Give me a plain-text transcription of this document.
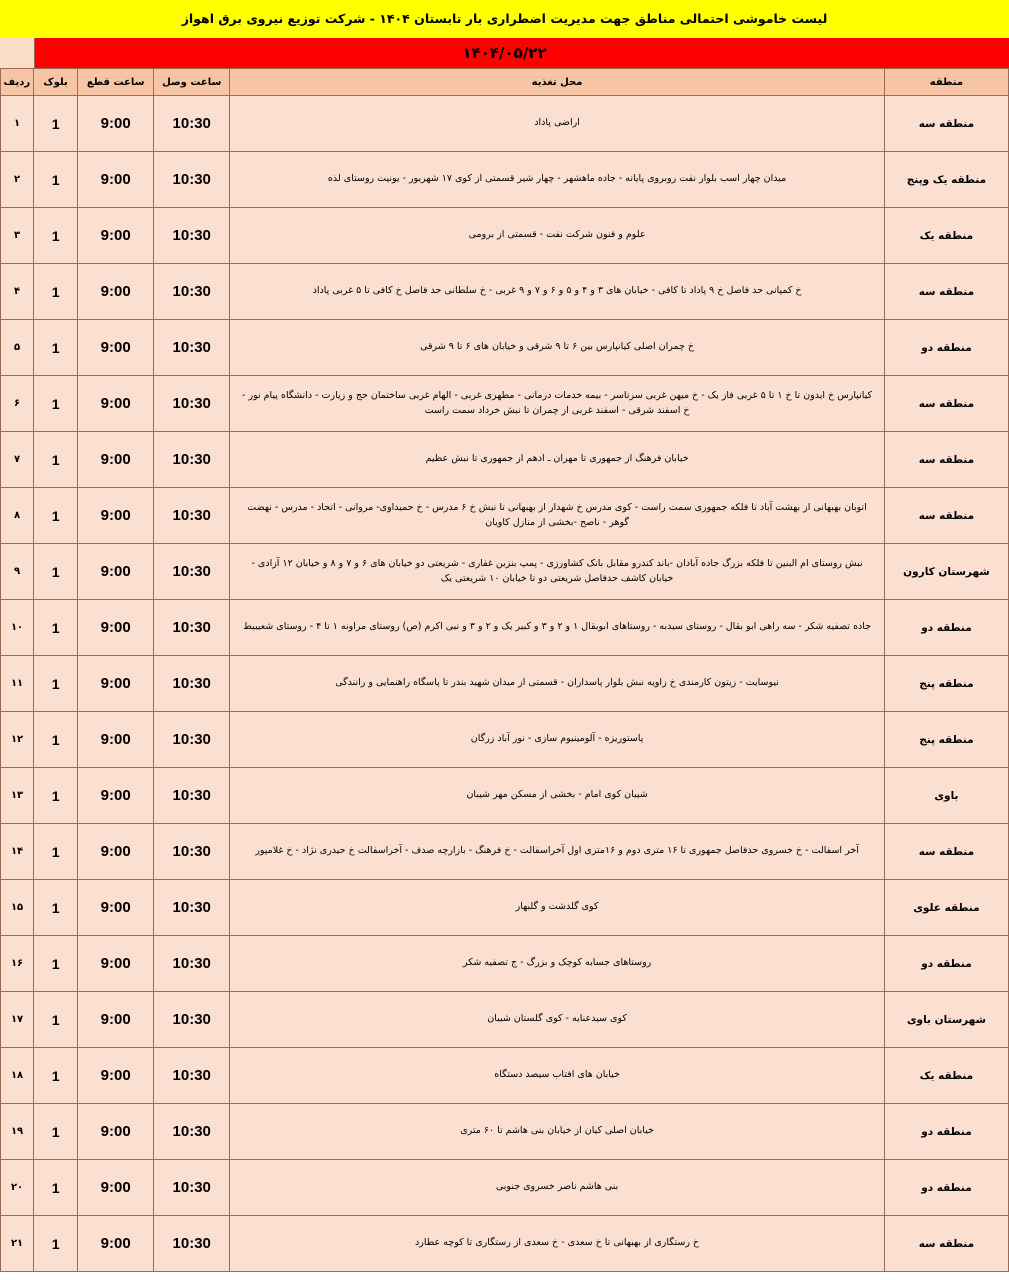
لیست خاموشی احتمالی مناطق جهت مدیریت اضطراری بار تابستان ۱۴۰۴ - شرکت توزیع نیروی برق اهواز
۱۴۰۴/۰۵/۲۲
منطقه	محل تغذیه	ساعت وصل	ساعت قطع	بلوک	ردیف
منطقه سه	اراضی پاداد	10:30	9:00	1	۱
منطقه یک وپنج	میدان چهار اسب بلوار نفت روبروی پایانه - جاده ماهشهر - چهار شیر قسمتی از کوی ۱۷ شهریور - یونیت روستای لذه	10:30	9:00	1	۲
منطقه یک	علوم و فنون شرکت نفت - قسمتی از برومی	10:30	9:00	1	۳
منطقه سه	خ کمپانی حد فاصل خ ۹ پاداد تا کافی - خیابان های ۳ و ۴ و ۵ و ۶ و ۷ و ۹ غربی - خ سلطانی حد فاصل خ کافی تا ۵ غربی پاداد	10:30	9:00	1	۴
منطقه دو	خ چمران اصلی کیانپارس بین ۶ تا ۹ شرقی و خیابان های ۶ تا ۹ شرقی	10:30	9:00	1	۵
منطقه سه	کیانپارس خ ایدون تا خ ۱ تا ۵ غربی فاز یک - خ میهن غربی سرتاسر - بیمه خدمات درمانی - مطهری غربی - الهام غربی ساختمان حج و زیارت - دانشگاه پیام نور - خ اسفند شرقی - اسفند غربی از چمران تا نبش خرداد سمت راست	10:30	9:00	1	۶
منطقه سه	خیابان فرهنگ از جمهوری تا مهران ـ ادهم از جمهوری تا نبش عظیم	10:30	9:00	1	۷
منطقه سه	اتوبان بهبهانی از بهشت آباد تا فلکه جمهوری سمت راست - کوی مدرس خ شهدار از بهبهانی تا نبش خ ۶ مدرس - خ حمیداوی- مروانی - اتحاد - مدرس - نهضت گوهر - ناصح -بخشی از منازل کاویان	10:30	9:00	1	۸
شهرستان کارون	نبش روستای ام البنین تا فلکه بزرگ جاده آبادان -باند کندرو مقابل بانک کشاورزی - پمپ بنزین غفاری - شریعتی دو خیابان های ۶ و ۷ و ۸ و خیابان ۱۲ آزادی - خیابان کاشف حدفاصل شریعتی دو تا خیابان ۱۰ شریعتی یک	10:30	9:00	1	۹
منطقه دو	جاده تصفیه شکر - سه راهی ابو بقال - روستای سیدبه - روستاهای ابوبقال ۱ و ۲ و ۳ و کبیر یک و ۲ و ۳ و نبی اکرم (ص) روستای مراونه ۱ تا ۴ - روستای شعیبیط	10:30	9:00	1	۱۰
منطقه پنج	نیوسایت - زیتون کارمندی خ زاویه نبش بلوار پاسداران - قسمتی از میدان شهید بندر تا پاسگاه راهنمایی و رانندگی	10:30	9:00	1	۱۱
منطقه پنج	پاستوریزه - آلومینیوم سازی - نور آباد زرگان	10:30	9:00	1	۱۲
باوی	شیبان کوی امام - بخشی از مسکن مهر شیبان	10:30	9:00	1	۱۳
منطقه سه	آخر اسفالت - خ خسروی حدفاصل جمهوری تا ۱۶ متری دوم و ۱۶متری اول آخراسفالت - خ فرهنگ - بازارچه صدف - آخراسفالت خ حیدری نژاد - خ غلامپور	10:30	9:00	1	۱۴
منطقه علوی	کوی گلدشت و گلبهار	10:30	9:00	1	۱۵
منطقه دو	روستاهای جسابه کوچک و بزرگ - ج تصفیه شکر	10:30	9:00	1	۱۶
شهرستان باوی	کوی سیدعنایه - کوی گلستان شیبان	10:30	9:00	1	۱۷
منطقه یک	خیابان های افتاب سیصد دستگاه	10:30	9:00	1	۱۸
منطقه دو	خیابان اصلی کیان از خیابان بنی هاشم تا ۶۰ متری	10:30	9:00	1	۱۹
منطقه دو	بنی هاشم ناصر خسروی جنوبی	10:30	9:00	1	۲۰
منطقه سه	خ رستگاری از بهبهانی تا خ سعدی - خ سعدی از رستگاری تا کوچه عطارد	10:30	9:00	1	۲۱
